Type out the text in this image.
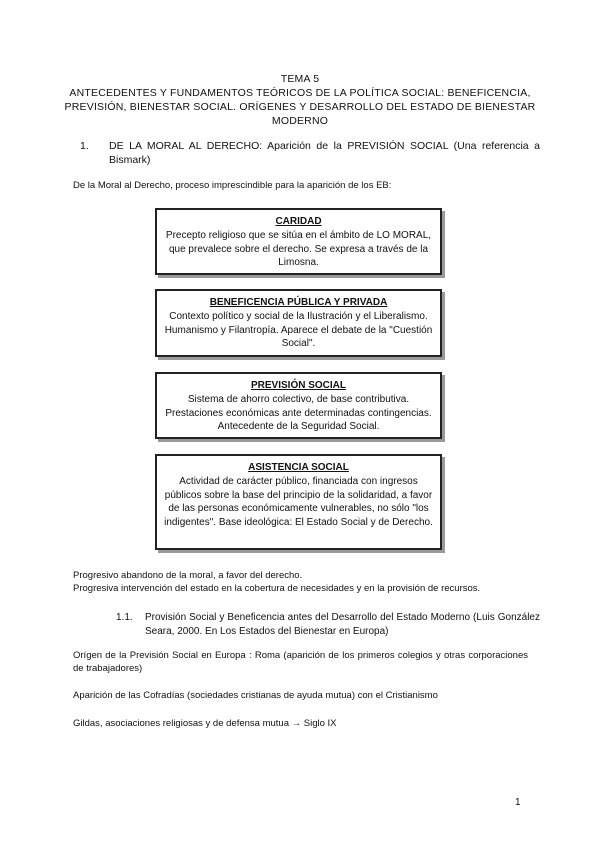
TEMA 5
ANTECEDENTES Y FUNDAMENTOS TEÓRICOS DE LA POLÍTICA SOCIAL: BENEFICENCIA,
PREVISIÓN, BIENESTAR SOCIAL. ORÍGENES Y DESARROLLO DEL ESTADO DE BIENESTAR
MODERNO
1. DE LA MORAL AL DERECHO: Aparición de la PREVISIÓN SOCIAL (Una referencia a Bismark)
De la Moral al Derecho, proceso imprescindible para la aparición de los EB:
CARIDAD
Precepto religioso que se sitúa en el ámbito de LO MORAL, que prevalece sobre el derecho. Se expresa a través de la Limosna.
BENEFICENCIA PÚBLICA Y PRIVADA
Contexto político y social de la Ilustración y el Liberalismo. Humanismo y Filantropía. Aparece el debate de la "Cuestión Social".
PREVISIÓN SOCIAL
Sistema de ahorro colectivo, de base contributiva. Prestaciones económicas ante determinadas contingencias. Antecedente de la Seguridad Social.
ASISTENCIA SOCIAL
Actividad de carácter público, financiada con ingresos públicos sobre la base del principio de la solidaridad, a favor de las personas económicamente vulnerables, no sólo "los indigentes". Base ideológica: El Estado Social y de Derecho.
Progresivo abandono de la moral, a favor del derecho.
Progresiva intervención del estado en la cobertura de necesidades y en la provisión de recursos.
1.1. Provisión Social y Beneficencia antes del Desarrollo del Estado Moderno (Luis González Seara, 2000. En Los Estados del Bienestar en Europa)
Orígen de la Previsión Social en Europa : Roma (aparición de los primeros colegios y otras corporaciones de trabajadores)
Aparición de las Cofradías (sociedades cristianas de ayuda mutua) con el Cristianismo
Gildas, asociaciones religiosas y de defensa mutua → Siglo IX
1
